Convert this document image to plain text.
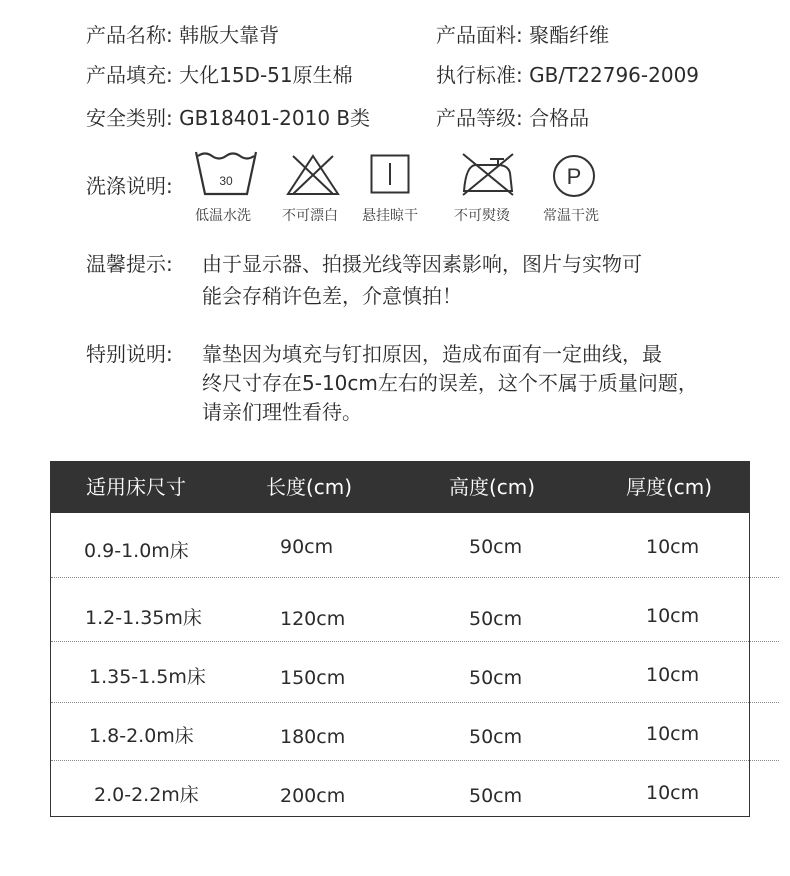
产品名称: 韩版大靠背	产品面料: 聚酯纤维
产品填充: 大化15D-51原生棉	执行标准: GB/T22796-2009
安全类别: GB18401-2010 B类	产品等级: 合格品
洗涤说明:	30
低温水洗	不可漂白	悬挂晾干	不可熨烫
P
常温干洗
温馨提示: 由于显示器、拍摄光线等因素影响，图片与实物可
能会存稍许色差，介意慎拍！
特别说明: 靠垫因为填充与钉扣原因，造成布面有一定曲线，最
终尺寸存在5-10cm左右的误差，这个不属于质量问题，
请亲们理性看待。
适用床尺寸	长度(cm)	高度(cm)	厚度(cm)
0.9-1.0m床	90cm	50cm	10cm
1.2-1.35m床	120cm	50cm	10cm
1.35-1.5m床	150cm	50cm	10cm
1.8-2.0m床	180cm	50cm	10cm
2.0-2.2m床	200cm	50cm	10cm
